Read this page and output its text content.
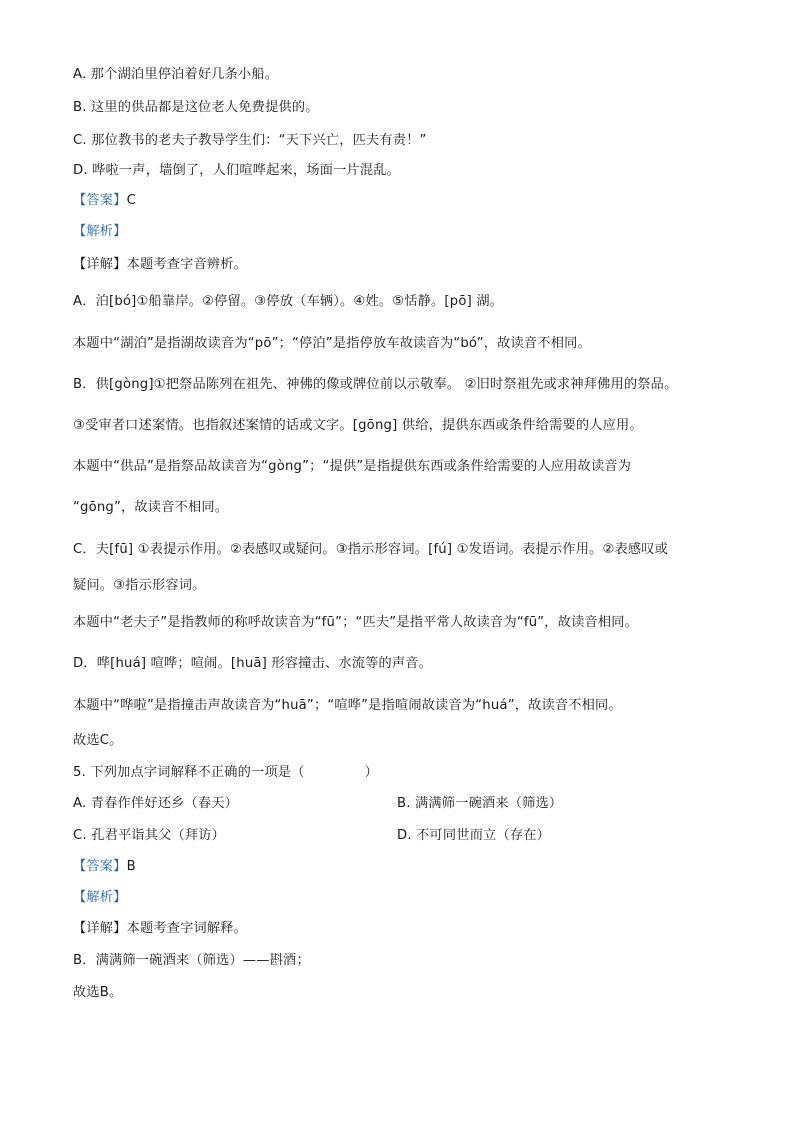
A. 那个湖泊里停泊着好几条小船。
B. 这里的供品都是这位老人免费提供的。
C. 那位教书的老夫子教导学生们：“天下兴亡，匹夫有责！”
D. 哗啦一声，墙倒了，人们喧哗起来，场面一片混乱。
【答案】C
【解析】
【详解】本题考查字音辨析。
A．泊[bó]①船靠岸。②停留。③停放（车辆）。④姓。⑤恬静。[pō] 湖。
本题中“湖泊”是指湖故读音为“pō”；“停泊”是指停放车故读音为“bó”，故读音不相同。
B．供[gòng]①把祭品陈列在祖先、神佛的像或牌位前以示敬奉。 ②旧时祭祖先或求神拜佛用的祭品。
③受审者口述案情。也指叙述案情的话或文字。[gōng] 供给，提供东西或条件给需要的人应用。
本题中“供品”是指祭品故读音为“gòng”；“提供”是指提供东西或条件给需要的人应用故读音为
“gōng”，故读音不相同。
C．夫[fū] ①表提示作用。②表感叹或疑问。③指示形容词。[fú] ①发语词。表提示作用。②表感叹或
疑问。③指示形容词。
本题中“老夫子”是指教师的称呼故读音为“fū”；“匹夫”是指平常人故读音为“fū”，故读音相同。
D．哗[huá] 喧哗；喧闹。[huā] 形容撞击、水流等的声音。
本题中“哗啦”是指撞击声故读音为“huā”；“喧哗”是指喧闹故读音为“huá”，故读音不相同。
故选C。
5. 下列加点字词解释不正确的一项是（	）
A. 青春作伴好还乡（春天）	B. 满满筛一碗酒来（筛选）
C. 孔君平诣其父（拜访）	D. 不可同世而立（存在）
【答案】B
【解析】
【详解】本题考查字词解释。
B．满满筛一碗酒来（筛选）——斟酒；
故选B。
